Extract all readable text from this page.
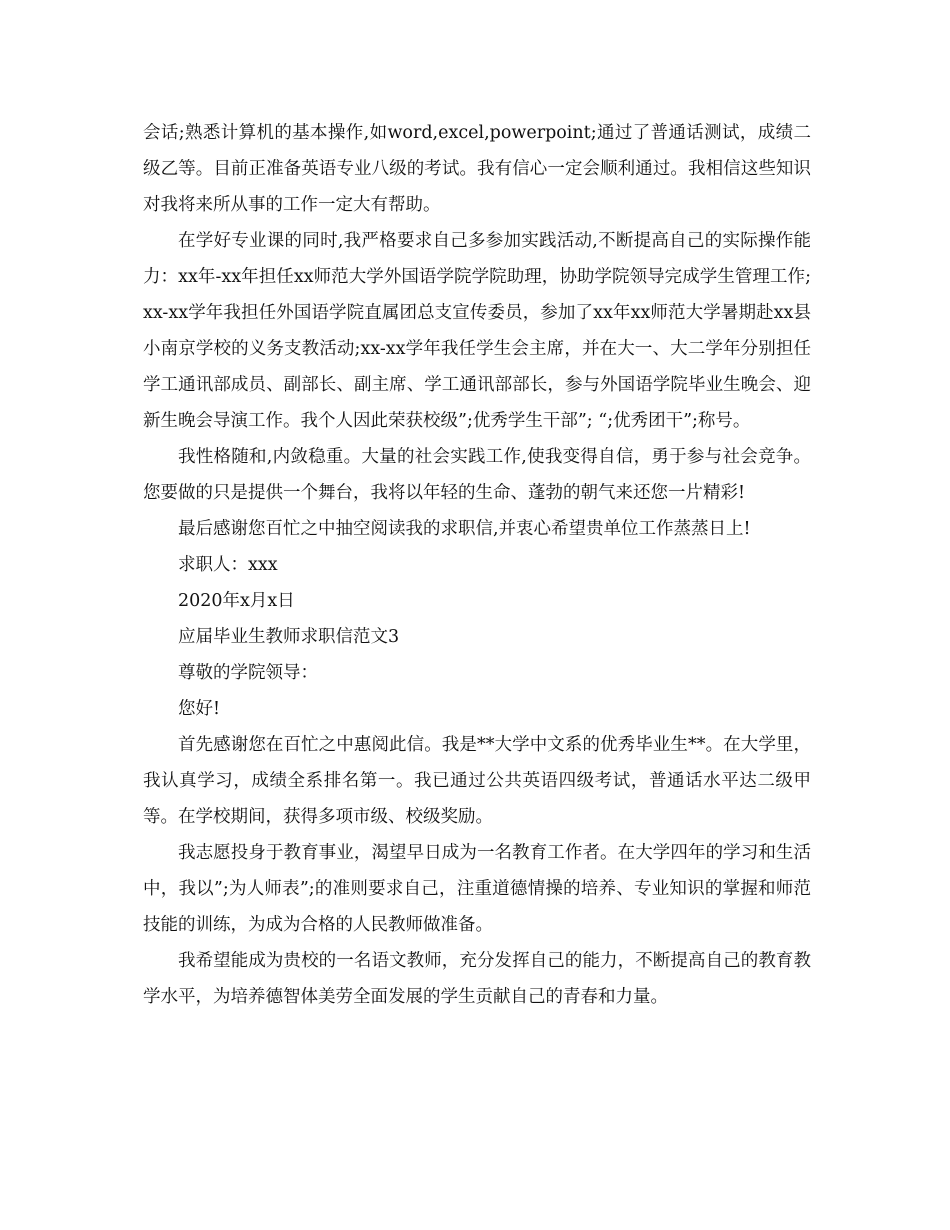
会话;熟悉计算机的基本操作,如word,excel,powerpoint;通过了普通话测试，成绩二级乙等。目前正准备英语专业八级的考试。我有信心一定会顺利通过。我相信这些知识对我将来所从事的工作一定大有帮助。

在学好专业课的同时,我严格要求自己多参加实践活动,不断提高自己的实际操作能力：xx年-xx年担任xx师范大学外国语学院学院助理，协助学院领导完成学生管理工作;xx-xx学年我担任外国语学院直属团总支宣传委员，参加了xx年xx师范大学暑期赴xx县小南京学校的义务支教活动;xx-xx学年我任学生会主席，并在大一、大二学年分别担任学工通讯部成员、副部长、副主席、学工通讯部部长，参与外国语学院毕业生晚会、迎新生晚会导演工作。我个人因此荣获校级”;优秀学生干部”; “;优秀团干”;称号。

我性格随和,内敛稳重。大量的社会实践工作,使我变得自信，勇于参与社会竞争。您要做的只是提供一个舞台，我将以年轻的生命、蓬勃的朝气来还您一片精彩!

最后感谢您百忙之中抽空阅读我的求职信,并衷心希望贵单位工作蒸蒸日上!

求职人：xxx

2020年x月x日

应届毕业生教师求职信范文3

尊敬的学院领导：

您好!

首先感谢您在百忙之中惠阅此信。我是**大学中文系的优秀毕业生**。在大学里，我认真学习，成绩全系排名第一。我已通过公共英语四级考试，普通话水平达二级甲等。在学校期间，获得多项市级、校级奖励。

我志愿投身于教育事业，渴望早日成为一名教育工作者。在大学四年的学习和生活中，我以”;为人师表”;的准则要求自己，注重道德情操的培养、专业知识的掌握和师范技能的训练，为成为合格的人民教师做准备。

我希望能成为贵校的一名语文教师，充分发挥自己的能力，不断提高自己的教育教学水平，为培养德智体美劳全面发展的学生贡献自己的青春和力量。
